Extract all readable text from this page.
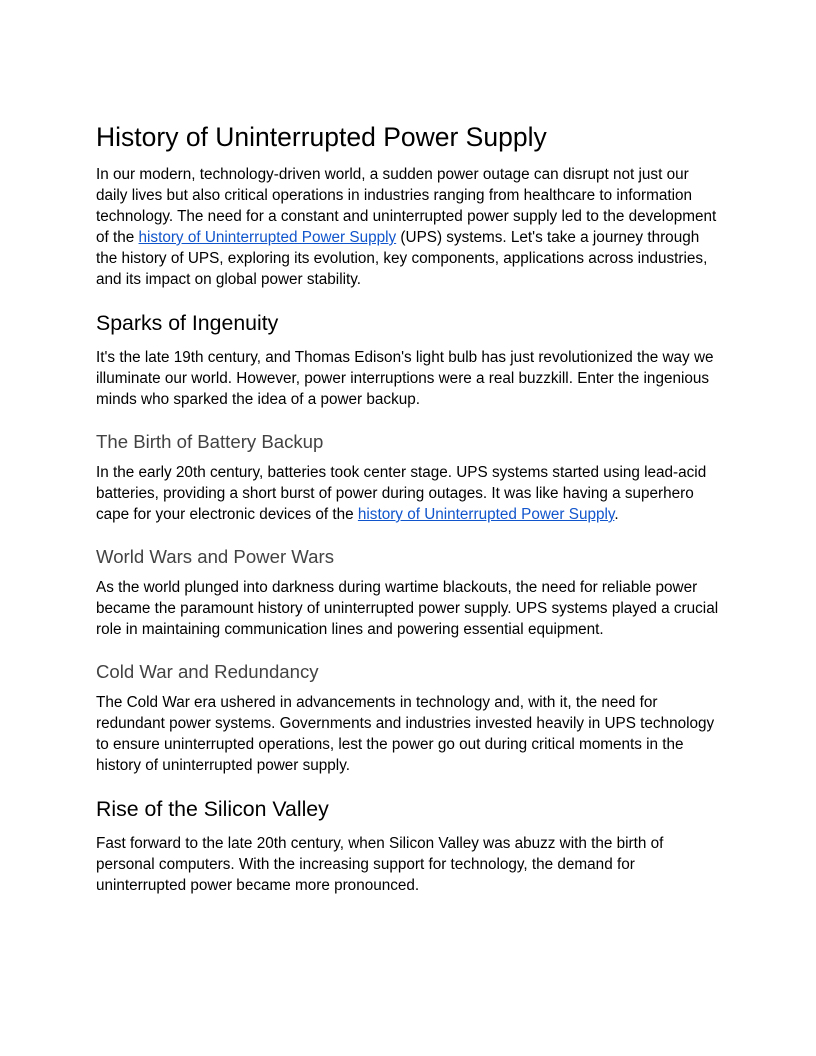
History of Uninterrupted Power Supply

In our modern, technology-driven world, a sudden power outage can disrupt not just our daily lives but also critical operations in industries ranging from healthcare to information technology. The need for a constant and uninterrupted power supply led to the development of the history of Uninterrupted Power Supply (UPS) systems. Let's take a journey through the history of UPS, exploring its evolution, key components, applications across industries, and its impact on global power stability.

Sparks of Ingenuity

It's the late 19th century, and Thomas Edison's light bulb has just revolutionized the way we illuminate our world. However, power interruptions were a real buzzkill. Enter the ingenious minds who sparked the idea of a power backup.

The Birth of Battery Backup

In the early 20th century, batteries took center stage. UPS systems started using lead-acid batteries, providing a short burst of power during outages. It was like having a superhero cape for your electronic devices of the history of Uninterrupted Power Supply.

World Wars and Power Wars

As the world plunged into darkness during wartime blackouts, the need for reliable power became the paramount history of uninterrupted power supply. UPS systems played a crucial role in maintaining communication lines and powering essential equipment.

Cold War and Redundancy

The Cold War era ushered in advancements in technology and, with it, the need for redundant power systems. Governments and industries invested heavily in UPS technology to ensure uninterrupted operations, lest the power go out during critical moments in the history of uninterrupted power supply.

Rise of the Silicon Valley

Fast forward to the late 20th century, when Silicon Valley was abuzz with the birth of personal computers. With the increasing support for technology, the demand for uninterrupted power became more pronounced.
